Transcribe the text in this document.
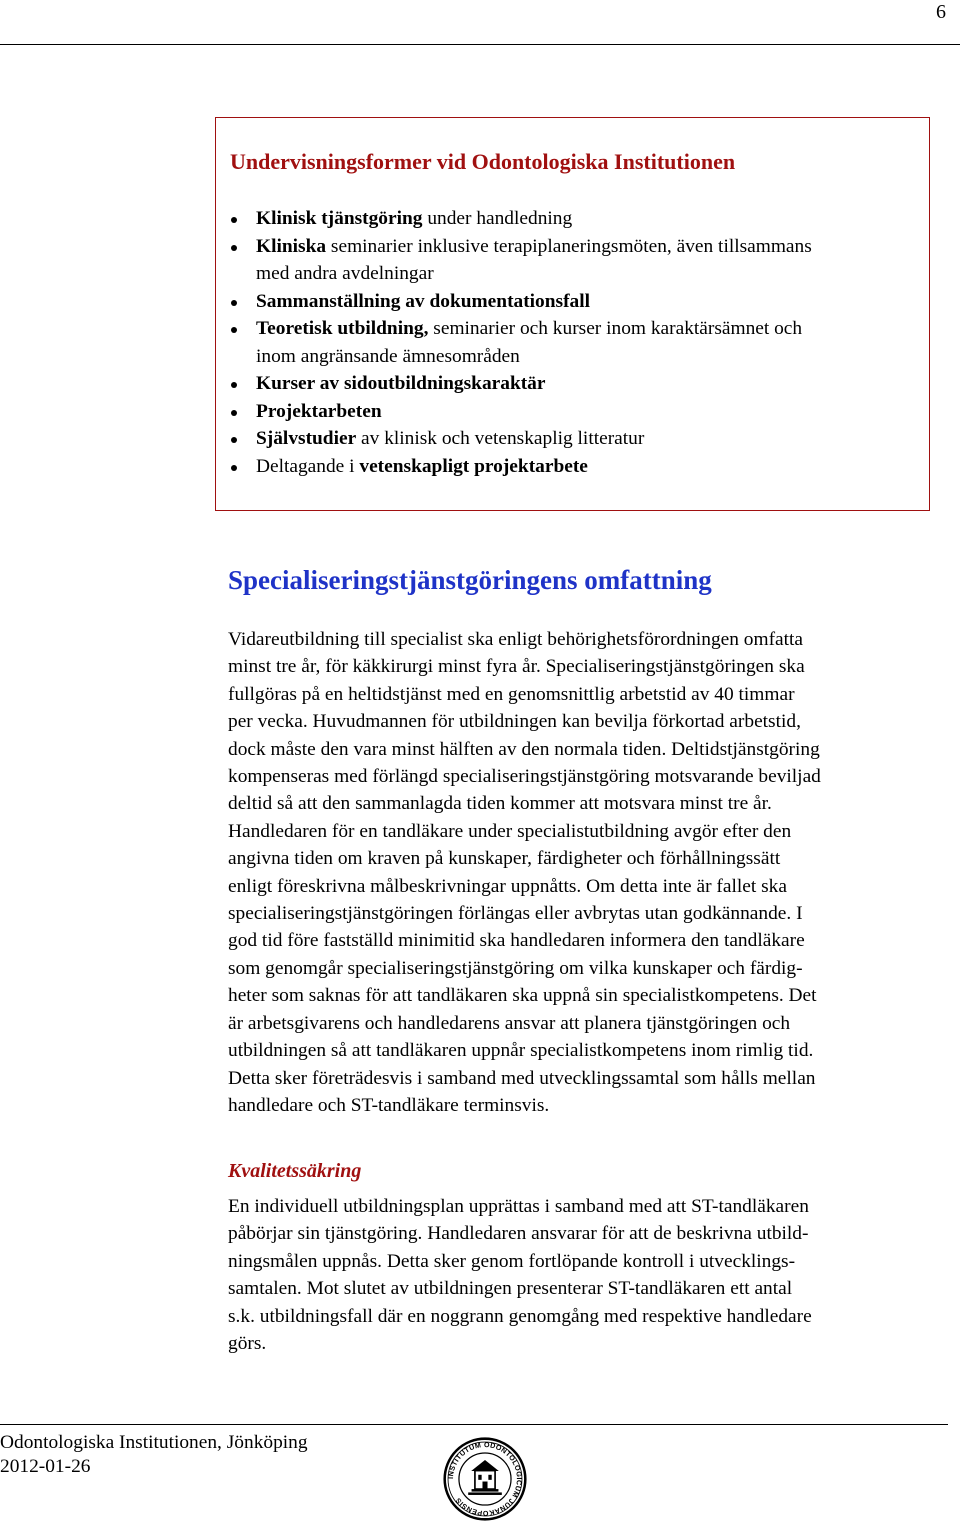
6
Undervisningsformer vid Odontologiska Institutionen
Klinisk tjänstgöring under handledning
Kliniska seminarier inklusive terapiplaneringsmöten, även tillsammans
med andra avdelningar
Sammanställning av dokumentationsfall
Teoretisk utbildning, seminarier och kurser inom karaktärsämnet och
inom angränsande ämnesområden
Kurser av sidoutbildningskaraktär
Projektarbeten
Självstudier av klinisk och vetenskaplig litteratur
Deltagande i vetenskapligt projektarbete
Specialiseringstjänstgöringens omfattning

Vidareutbildning till specialist ska enligt behörighetsförordningen omfatta
minst tre år, för käkkirurgi minst fyra år. Specialiseringstjänstgöringen ska
fullgöras på en heltidstjänst med en genomsnittlig arbetstid av 40 timmar
per vecka. Huvudmannen för utbildningen kan bevilja förkortad arbetstid,
dock måste den vara minst hälften av den normala tiden. Deltidstjänstgöring
kompenseras med förlängd specialiseringstjänstgöring motsvarande beviljad
deltid så att den sammanlagda tiden kommer att motsvara minst tre år.
Handledaren för en tandläkare under specialistutbildning avgör efter den
angivna tiden om kraven på kunskaper, färdigheter och förhållningssätt
enligt föreskrivna målbeskrivningar uppnåtts. Om detta inte är fallet ska
specialiseringstjänstgöringen förlängas eller avbrytas utan godkännande. I
god tid före fastställd minimitid ska handledaren informera den tandläkare
som genomgår specialiseringstjänstgöring om vilka kunskaper och färdig-
heter som saknas för att tandläkaren ska uppnå sin specialistkompetens. Det
är arbetsgivarens och handledarens ansvar att planera tjänstgöringen och
utbildningen så att tandläkaren uppnår specialistkompetens inom rimlig tid.
Detta sker företrädesvis i samband med utvecklingssamtal som hålls mellan
handledare och ST-tandläkare terminsvis.

Kvalitetssäkring

En individuell utbildningsplan upprättas i samband med att ST-tandläkaren
påbörjar sin tjänstgöring. Handledaren ansvarar för att de beskrivna utbild-
ningsmålen uppnås. Detta sker genom fortlöpande kontroll i utvecklings-
samtalen. Mot slutet av utbildningen presenterar ST-tandläkaren ett antal
s.k. utbildningsfall där en noggrann genomgång med respektive handledare
görs.

Odontologiska Institutionen, Jönköping
2012-01-26
INSTITUTUM ODONTOLOGICUM JUNAKOPENSIS
